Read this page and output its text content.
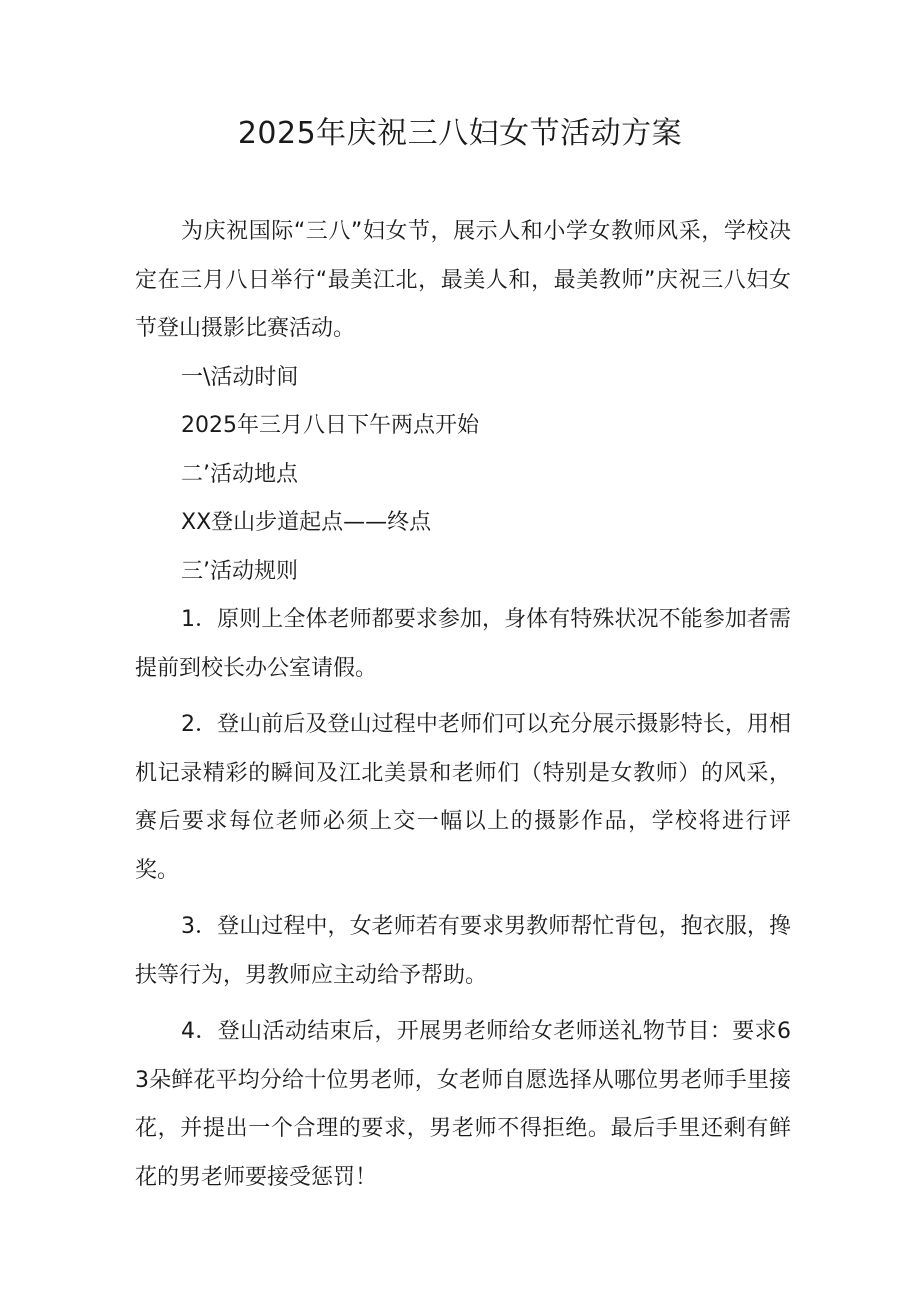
2025年庆祝三八妇女节活动方案

为庆祝国际“三八”妇女节，展示人和小学女教师风采，学校决定在三月八日举行“最美江北，最美人和，最美教师”庆祝三八妇女节登山摄影比赛活动。

一\活动时间

2025年三月八日下午两点开始

二’活动地点

XX登山步道起点——终点

三’活动规则

1．原则上全体老师都要求参加，身体有特殊状况不能参加者需提前到校长办公室请假。

2．登山前后及登山过程中老师们可以充分展示摄影特长，用相机记录精彩的瞬间及江北美景和老师们（特别是女教师）的风采，赛后要求每位老师必须上交一幅以上的摄影作品，学校将进行评奖。

3．登山过程中，女老师若有要求男教师帮忙背包，抱衣服，搀扶等行为，男教师应主动给予帮助。

4．登山活动结束后，开展男老师给女老师送礼物节目：要求63朵鲜花平均分给十位男老师，女老师自愿选择从哪位男老师手里接花，并提出一个合理的要求，男老师不得拒绝。最后手里还剩有鲜花的男老师要接受惩罚！
